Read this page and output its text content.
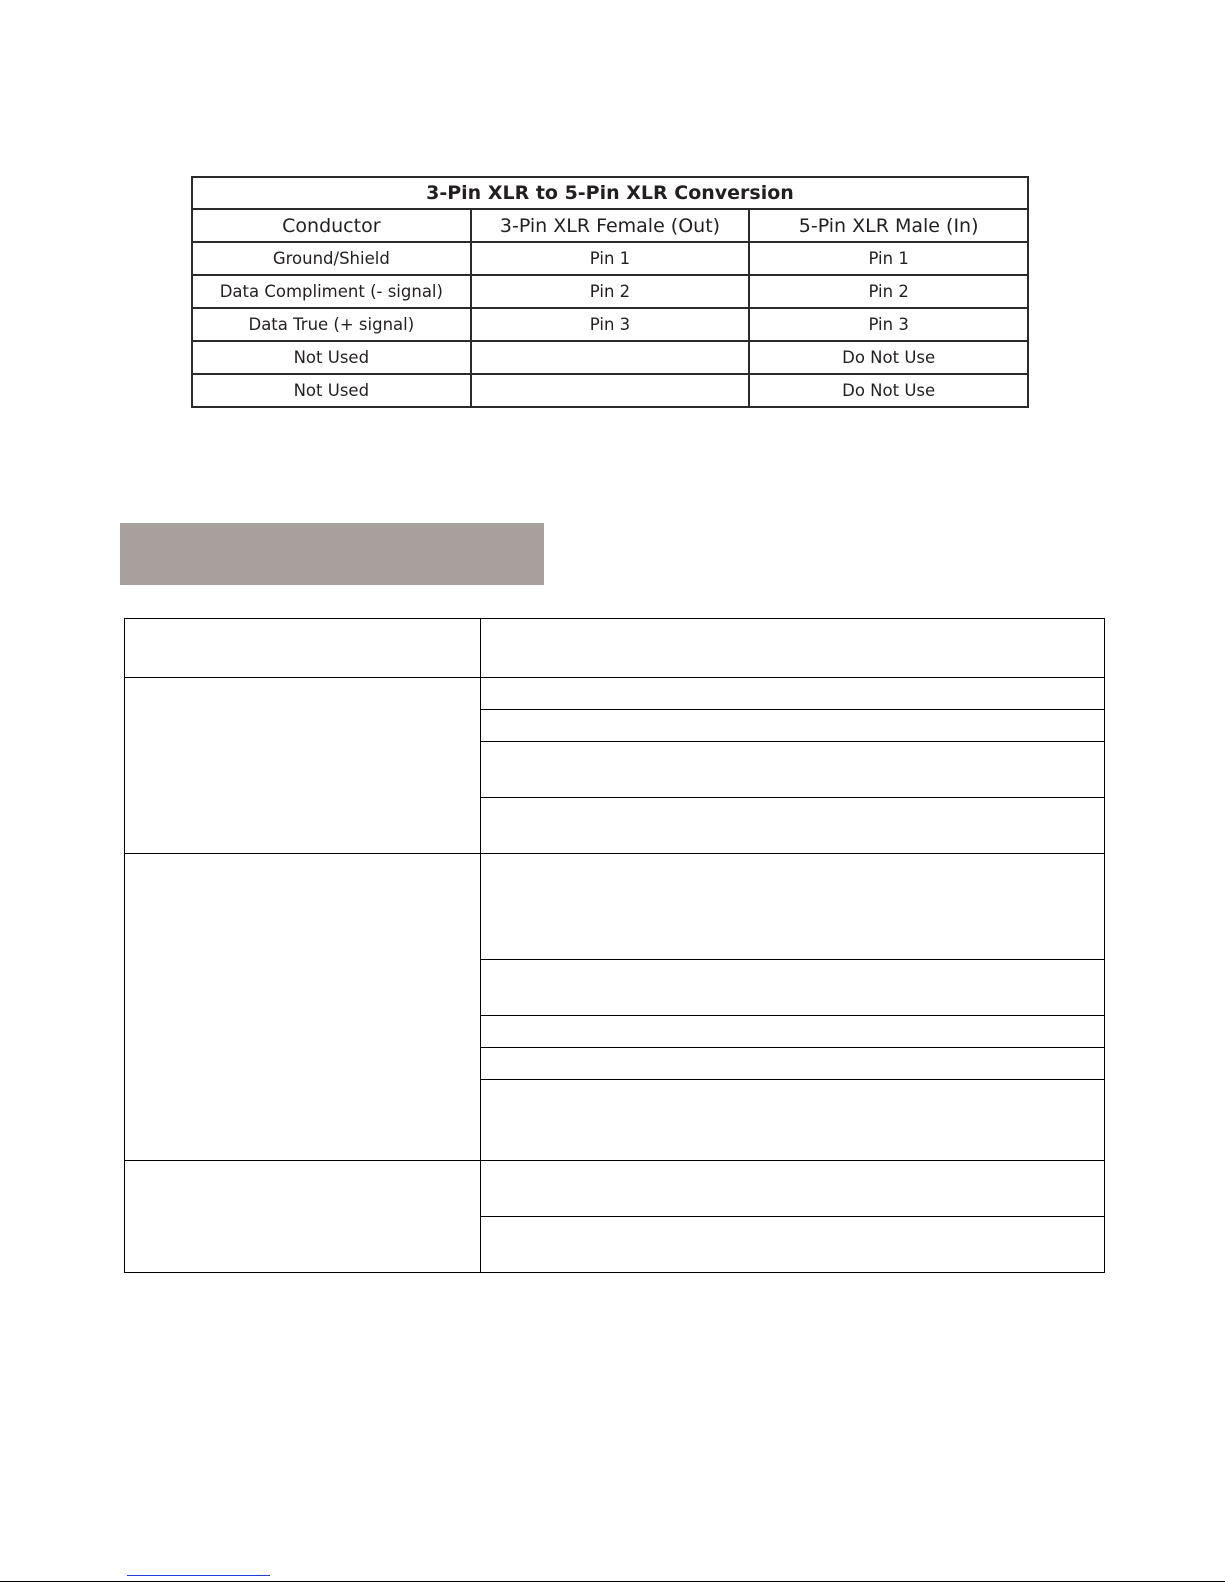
3-Pin XLR to 5-Pin XLR Conversion		
Conductor	3-Pin XLR Female (Out)	5-Pin XLR Male (In)
Ground/Shield	Pin 1	Pin 1
Data Compliment (- signal)	Pin 2	Pin 2
Data True (+ signal)	Pin 3	Pin 3
Not Used		Do Not Use
Not Used		Do Not Use
